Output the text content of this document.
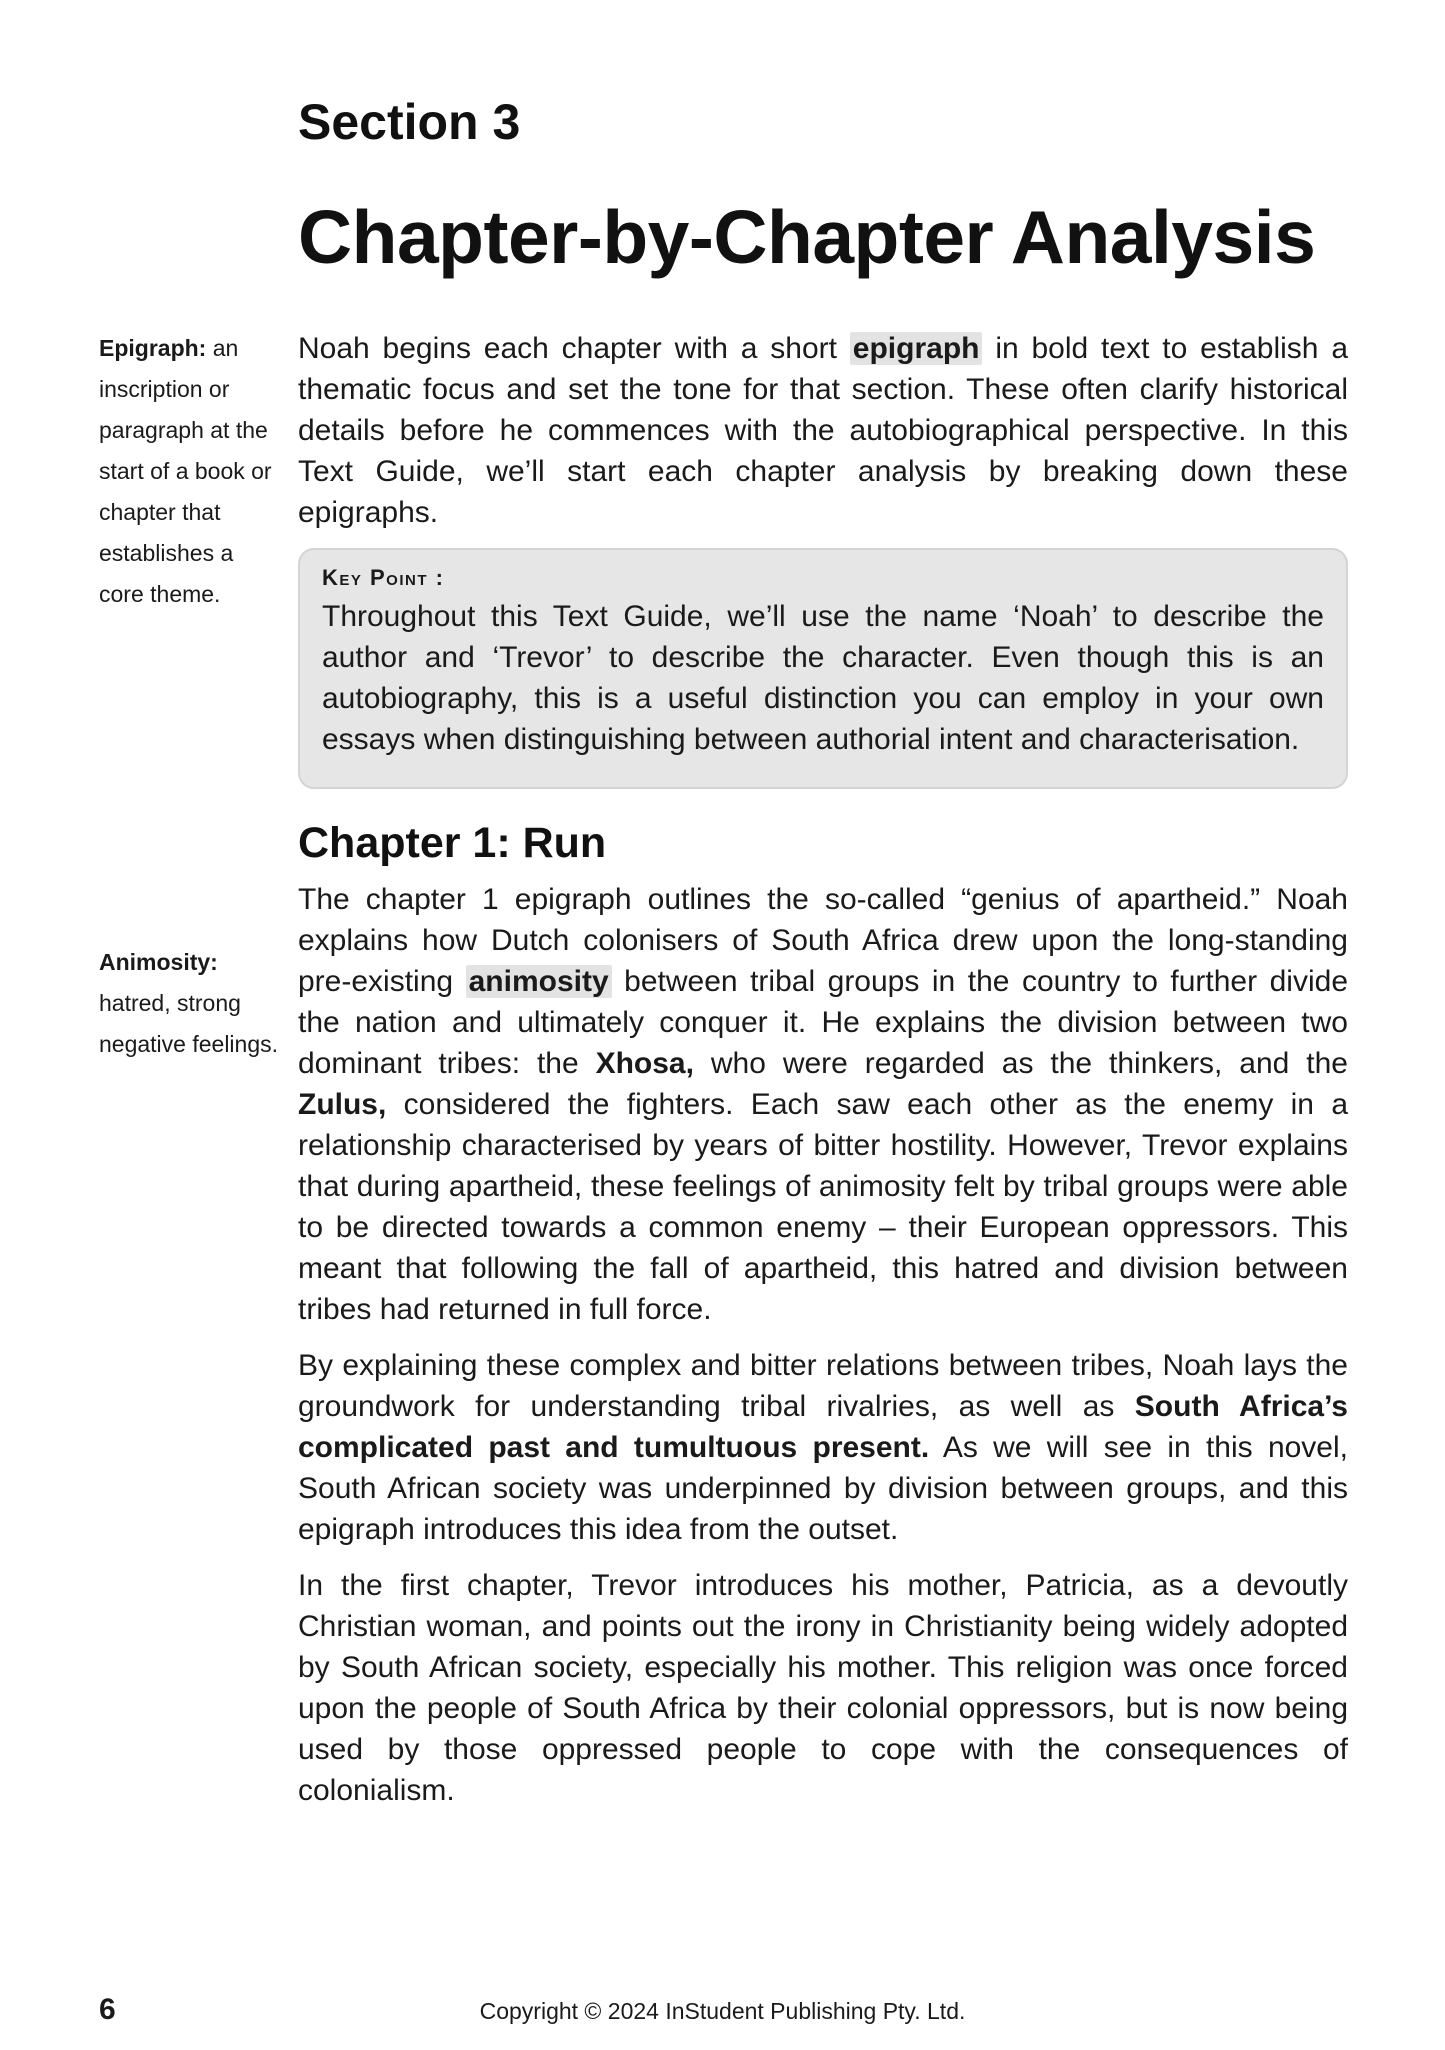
Section 3
Chapter-by-Chapter Analysis
Epigraph: an inscription or paragraph at the start of a book or chapter that establishes a core theme.
Animosity: hatred, strong negative feelings.

Noah begins each chapter with a short epigraph in bold text to establish a thematic focus and set the tone for that section. These often clarify historical details before he commences with the autobiographical perspective. In this Text Guide, we’ll start each chapter analysis by breaking down these epigraphs.

Key Point :

Throughout this Text Guide, we’ll use the name ‘Noah’ to describe the author and ‘Trevor’ to describe the character. Even though this is an autobiography, this is a useful distinction you can employ in your own essays when distinguishing between authorial intent and characterisation.

Chapter 1: Run

The chapter 1 epigraph outlines the so-called “genius of apartheid.” Noah explains how Dutch colonisers of South Africa drew upon the long-standing pre-existing animosity between tribal groups in the country to further divide the nation and ultimately conquer it. He explains the division between two dominant tribes: the Xhosa, who were regarded as the thinkers, and the Zulus, considered the fighters. Each saw each other as the enemy in a relationship characterised by years of bitter hostility. However, Trevor explains that during apartheid, these feelings of animosity felt by tribal groups were able to be directed towards a common enemy – their European oppressors. This meant that following the fall of apartheid, this hatred and division between tribes had returned in full force.

By explaining these complex and bitter relations between tribes, Noah lays the groundwork for understanding tribal rivalries, as well as South Africa’s complicated past and tumultuous present. As we will see in this novel, South African society was underpinned by division between groups, and this epigraph introduces this idea from the outset.

In the first chapter, Trevor introduces his mother, Patricia, as a devoutly Christian woman, and points out the irony in Christianity being widely adopted by South African society, especially his mother. This religion was once forced upon the people of South Africa by their colonial oppressors, but is now being used by those oppressed people to cope with the consequences of colonialism.

6	Copyright © 2024 InStudent Publishing Pty. Ltd.
